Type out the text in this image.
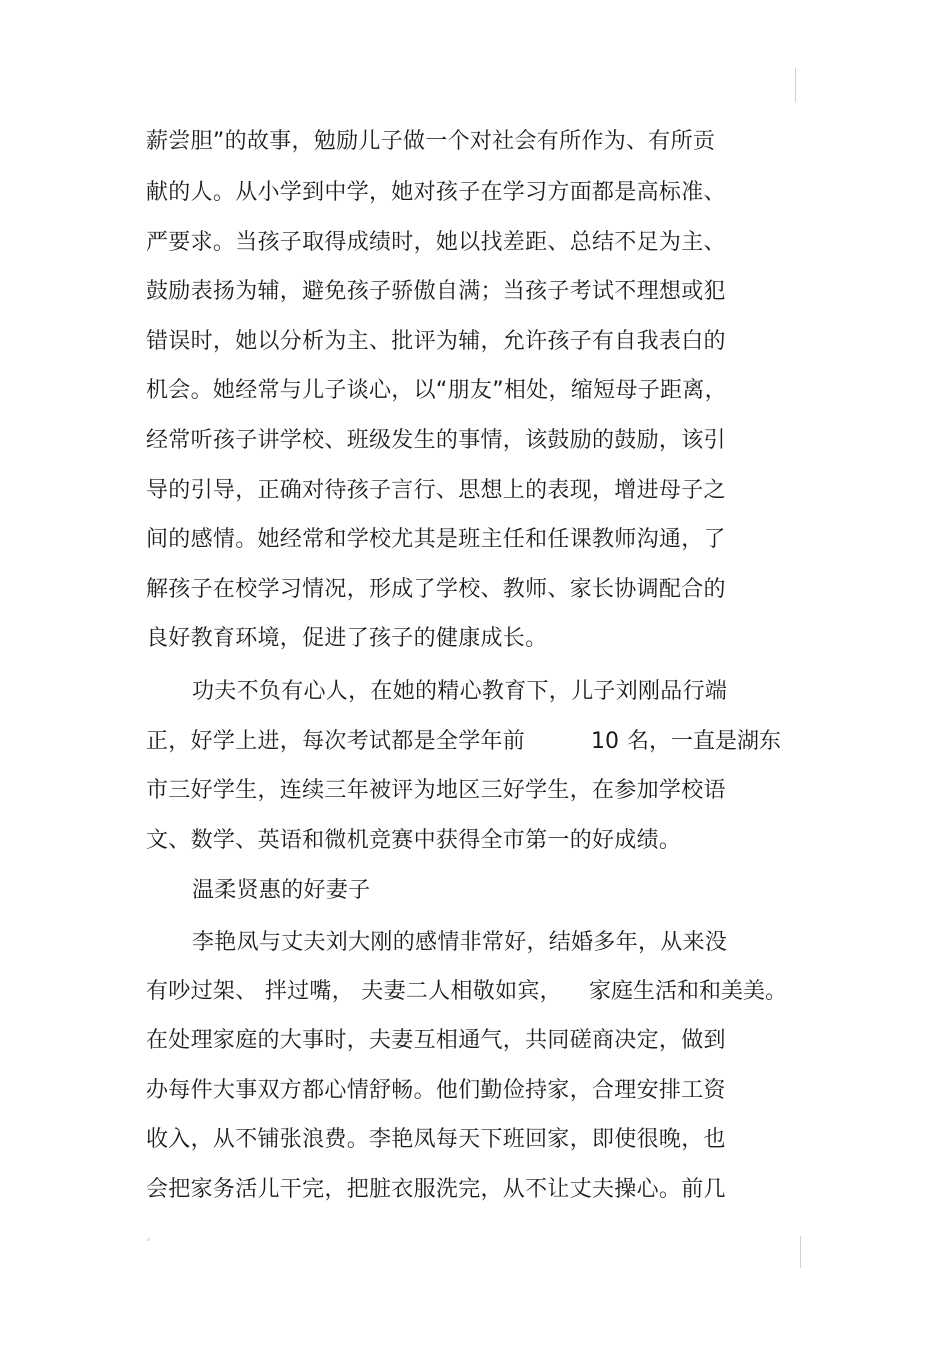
薪尝胆”的故事，勉励儿子做一个对社会有所作为、有所贡
献的人。从小学到中学，她对孩子在学习方面都是高标准、
严要求。当孩子取得成绩时，她以找差距、总结不足为主、
鼓励表扬为辅，避免孩子骄傲自满；当孩子考试不理想或犯
错误时，她以分析为主、批评为辅，允许孩子有自我表白的
机会。她经常与儿子谈心，以“朋友”相处，缩短母子距离，
经常听孩子讲学校、班级发生的事情，该鼓励的鼓励，该引
导的引导，正确对待孩子言行、思想上的表现，增进母子之
间的感情。她经常和学校尤其是班主任和任课教师沟通，了
解孩子在校学习情况，形成了学校、教师、家长协调配合的
良好教育环境，促进了孩子的健康成长。
功夫不负有心人，在她的精心教育下，儿子刘刚品行端
正，好学上进，每次考试都是全学年前	10 名，一直是湖东
市三好学生，连续三年被评为地区三好学生，在参加学校语
文、数学、英语和微机竞赛中获得全市第一的好成绩。
温柔贤惠的好妻子
李艳凤与丈夫刘大刚的感情非常好，结婚多年，从来没
有吵过架、 拌过嘴， 夫妻二人相敬如宾， 家庭生活和和美美。
在处理家庭的大事时，夫妻互相通气，共同磋商决定，做到
办每件大事双方都心情舒畅。他们勤俭持家，合理安排工资
收入，从不铺张浪费。李艳凤每天下班回家，即使很晚，也
会把家务活儿干完，把脏衣服洗完，从不让丈夫操心。前几
